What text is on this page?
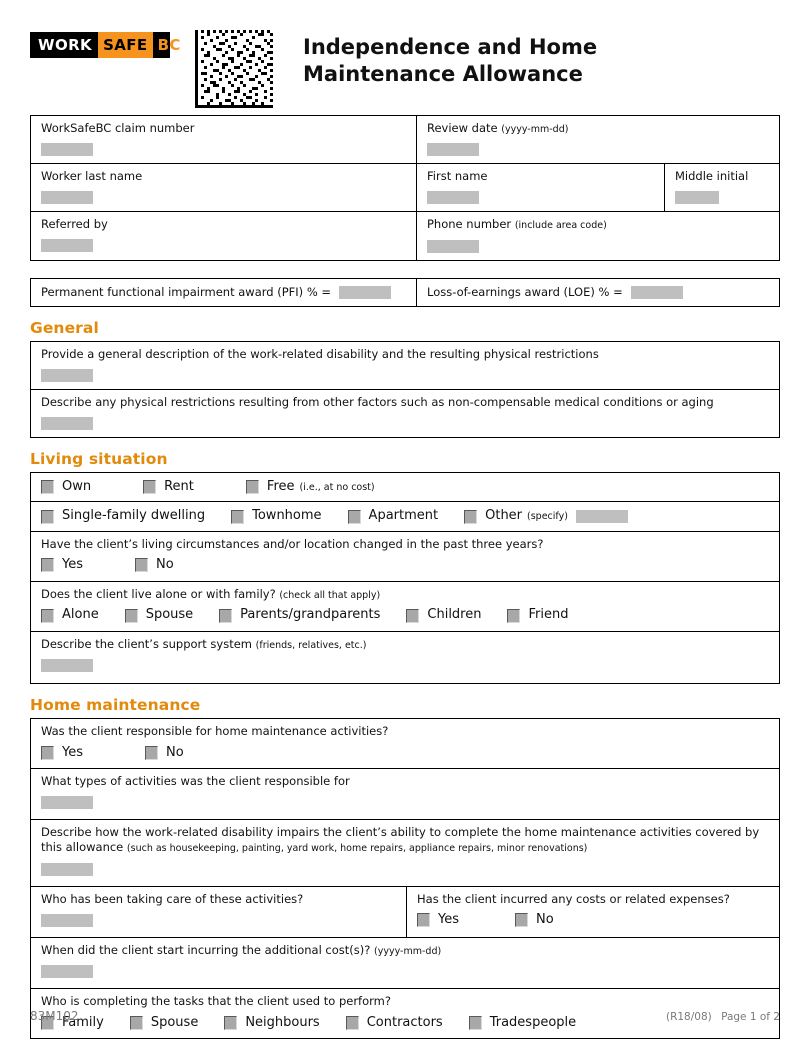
WORK SAFE BC	Independence and Home
Maintenance Allowance
WorkSafeBC claim number	Review date (yyyy-mm-dd)
Worker last name	First name	Middle initial
Referred by	Phone number (include area code)
Permanent functional impairment award (PFI) % =	Loss-of-earnings award (LOE) % =
General
Provide a general description of the work-related disability and the resulting physical restrictions
Describe any physical restrictions resulting from other factors such as non-compensable medical conditions or aging
Living situation
Own	Rent	Free (i.e., at no cost)
Single-family dwelling	Townhome	Apartment	Other (specify)
Have the client’s living circumstances and/or location changed in the past three years?
Yes	No
Does the client live alone or with family? (check all that apply)
Alone	Spouse	Parents/grandparents	Children	Friend
Describe the client’s support system (friends, relatives, etc.)
Home maintenance
Was the client responsible for home maintenance activities?
Yes	No
What types of activities was the client responsible for
Describe how the work-related disability impairs the client’s ability to complete the home maintenance activities covered by this allowance (such as housekeeping, painting, yard work, home repairs, appliance repairs, minor renovations)
Who has been taking care of these activities?	Has the client incurred any costs or related expenses?
Yes	No
When did the client start incurring the additional cost(s)? (yyyy-mm-dd)
Who is completing the tasks that the client used to perform?
Family	Spouse	Neighbours	Contractors	Tradespeople
83M102	(R18/08) Page 1 of 2
